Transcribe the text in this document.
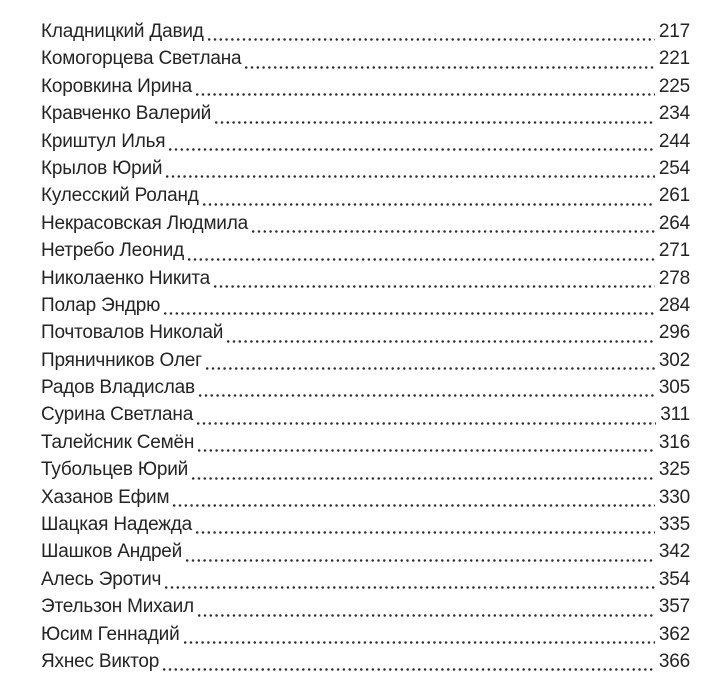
Кладницкий Давид	217
Комогорцева Светлана	221
Коровкина Ирина	225
Кравченко Валерий	234
Криштул Илья	244
Крылов Юрий	254
Кулесский Роланд	261
Некрасовская Людмила	264
Нетребо Леонид	271
Николаенко Никита	278
Полар Эндрю	284
Почтовалов Николай	296
Пряничников Олег	302
Радов Владислав	305
Сурина Светлана	311
Талейсник Семён	316
Тубольцев Юрий	325
Хазанов Ефим	330
Шацкая Надежда	335
Шашков Андрей	342
Алесь Эротич	354
Этельзон Михаил	357
Юсим Геннадий	362
Яхнес Виктор	366
